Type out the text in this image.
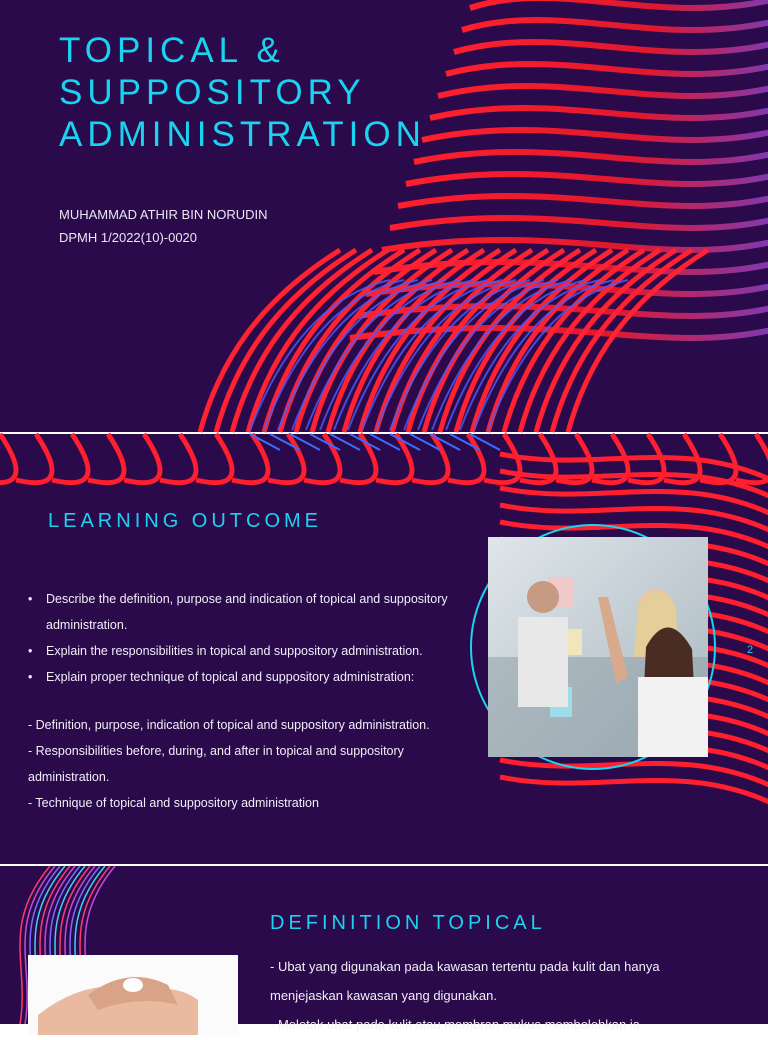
TOPICAL &
SUPPOSITORY
ADMINISTRATION
MUHAMMAD ATHIR BIN NORUDIN
DPMH 1/2022(10)-0020
LEARNING OUTCOME
• Describe the definition, purpose and indication of topical and suppository administration.
• Explain the responsibilities in topical and suppository administration.
• Explain proper technique of topical and suppository administration:
- Definition, purpose, indication of topical and suppository administration.
- Responsibilities before, during, and after in topical and suppository administration.
- Technique of topical and suppository administration
2
DEFINITION TOPICAL
- Ubat yang digunakan pada kawasan tertentu pada kulit dan hanya menjejaskan kawasan yang digunakan.
- Meletak ubat pada kulit atau membran mukus membolehkan ia
